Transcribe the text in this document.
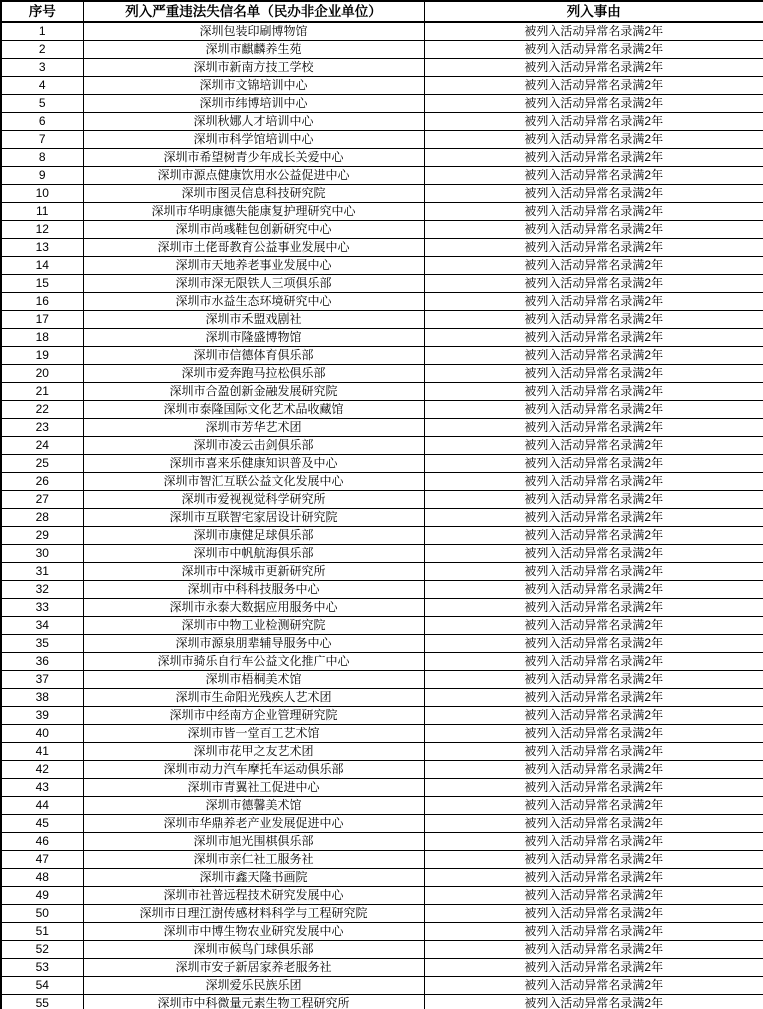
序号	列入严重违法失信名单（民办非企业单位）	列入事由
1	深圳包装印刷博物馆	被列入活动异常名录满2年
2	深圳市麒麟养生苑	被列入活动异常名录满2年
3	深圳市新南方技工学校	被列入活动异常名录满2年
4	深圳市文锦培训中心	被列入活动异常名录满2年
5	深圳市纬博培训中心	被列入活动异常名录满2年
6	深圳秋娜人才培训中心	被列入活动异常名录满2年
7	深圳市科学馆培训中心	被列入活动异常名录满2年
8	深圳市希望树青少年成长关爱中心	被列入活动异常名录满2年
9	深圳市源点健康饮用水公益促进中心	被列入活动异常名录满2年
10	深圳市图灵信息科技研究院	被列入活动异常名录满2年
11	深圳市华明康德失能康复护理研究中心	被列入活动异常名录满2年
12	深圳市尚彧鞋包创新研究中心	被列入活动异常名录满2年
13	深圳市土佬哥教育公益事业发展中心	被列入活动异常名录满2年
14	深圳市天地养老事业发展中心	被列入活动异常名录满2年
15	深圳市深无限铁人三项俱乐部	被列入活动异常名录满2年
16	深圳市水益生态环境研究中心	被列入活动异常名录满2年
17	深圳市禾盟戏剧社	被列入活动异常名录满2年
18	深圳市隆盛博物馆	被列入活动异常名录满2年
19	深圳市信德体育俱乐部	被列入活动异常名录满2年
20	深圳市爱奔跑马拉松俱乐部	被列入活动异常名录满2年
21	深圳市合盈创新金融发展研究院	被列入活动异常名录满2年
22	深圳市泰隆国际文化艺术品收藏馆	被列入活动异常名录满2年
23	深圳市芳华艺术团	被列入活动异常名录满2年
24	深圳市凌云击剑俱乐部	被列入活动异常名录满2年
25	深圳市喜来乐健康知识普及中心	被列入活动异常名录满2年
26	深圳市智汇互联公益文化发展中心	被列入活动异常名录满2年
27	深圳市爱视视觉科学研究所	被列入活动异常名录满2年
28	深圳市互联智宅家居设计研究院	被列入活动异常名录满2年
29	深圳市康健足球俱乐部	被列入活动异常名录满2年
30	深圳市中帆航海俱乐部	被列入活动异常名录满2年
31	深圳市中深城市更新研究所	被列入活动异常名录满2年
32	深圳市中科科技服务中心	被列入活动异常名录满2年
33	深圳市永泰大数据应用服务中心	被列入活动异常名录满2年
34	深圳市中物工业检测研究院	被列入活动异常名录满2年
35	深圳市源泉朋辈辅导服务中心	被列入活动异常名录满2年
36	深圳市骑乐自行车公益文化推广中心	被列入活动异常名录满2年
37	深圳市梧桐美术馆	被列入活动异常名录满2年
38	深圳市生命阳光残疾人艺术团	被列入活动异常名录满2年
39	深圳市中经南方企业管理研究院	被列入活动异常名录满2年
40	深圳市皆一堂百工艺术馆	被列入活动异常名录满2年
41	深圳市花甲之友艺术团	被列入活动异常名录满2年
42	深圳市动力汽车摩托车运动俱乐部	被列入活动异常名录满2年
43	深圳市青翼社工促进中心	被列入活动异常名录满2年
44	深圳市德馨美术馆	被列入活动异常名录满2年
45	深圳市华鼎养老产业发展促进中心	被列入活动异常名录满2年
46	深圳市旭光围棋俱乐部	被列入活动异常名录满2年
47	深圳市亲仁社工服务社	被列入活动异常名录满2年
48	深圳市鑫天隆书画院	被列入活动异常名录满2年
49	深圳市社普远程技术研究发展中心	被列入活动异常名录满2年
50	深圳市日理江澍传感材料科学与工程研究院	被列入活动异常名录满2年
51	深圳市中博生物农业研究发展中心	被列入活动异常名录满2年
52	深圳市候鸟门球俱乐部	被列入活动异常名录满2年
53	深圳市安子新居家养老服务社	被列入活动异常名录满2年
54	深圳爱乐民族乐团	被列入活动异常名录满2年
55	深圳市中科微量元素生物工程研究所	被列入活动异常名录满2年
